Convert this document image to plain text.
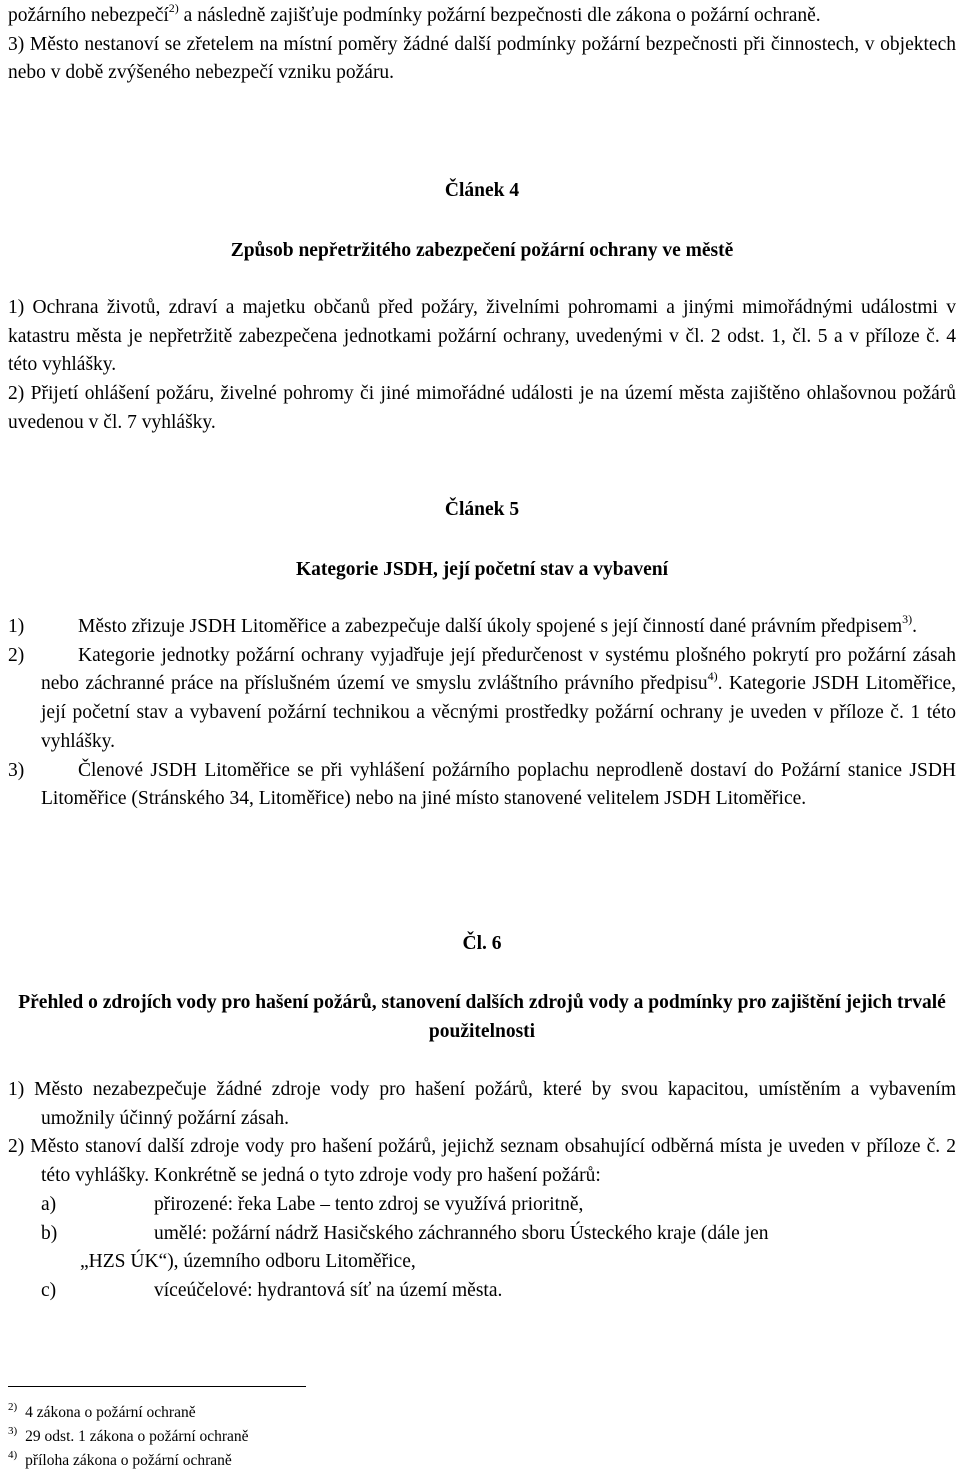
požárního nebezpečí$^{2)}$ a následně zajišťuje podmínky požární bezpečnosti dle zákona o požární ochraně.

3) Město nestanoví se zřetelem na místní poměry žádné další podmínky požární bezpečnosti při činnostech, v objektech nebo v době zvýšeného nebezpečí vzniku požáru.

Článek 4

Způsob nepřetržitého zabezpečení požární ochrany ve městě

1) Ochrana životů, zdraví a majetku občanů před požáry, živelními pohromami a jinými mimořádnými událostmi v katastru města je nepřetržitě zabezpečena jednotkami požární ochrany, uvedenými v čl. 2 odst. 1, čl. 5 a v příloze č. 4 této vyhlášky.

2) Přijetí ohlášení požáru, živelné pohromy či jiné mimořádné události je na území města zajištěno ohlašovnou požárů uvedenou v čl. 7 vyhlášky.

Článek 5

Kategorie JSDH, její početní stav a vybavení

1)	Město zřizuje JSDH Litoměřice a zabezpečuje další úkoly spojené s její činností dané právním předpisem$^{3)}$.

2)	Kategorie jednotky požární ochrany vyjadřuje její předurčenost v systému plošného pokrytí pro požární zásah nebo záchranné práce na příslušném území ve smyslu zvláštního právního předpisu$^{4)}$. Kategorie JSDH Litoměřice, její početní stav a vybavení požární technikou a věcnými prostředky požární ochrany je uveden v příloze č. 1 této vyhlášky.

3)	Členové JSDH Litoměřice se při vyhlášení požárního poplachu neprodleně dostaví do Požární stanice JSDH Litoměřice (Stránského 34, Litoměřice) nebo na jiné místo stanovené velitelem JSDH Litoměřice.

Čl. 6

Přehled o zdrojích vody pro hašení požárů, stanovení dalších zdrojů vody a podmínky pro zajištění jejich trvalé použitelnosti

1) Město nezabezpečuje žádné zdroje vody pro hašení požárů, které by svou kapacitou, umístěním a vybavením umožnily účinný požární zásah.

2) Město stanoví další zdroje vody pro hašení požárů, jejichž seznam obsahující odběrná místa je uveden v příloze č. 2 této vyhlášky. Konkrétně se jedná o tyto zdroje vody pro hašení požárů:

a)	přirozené: řeka Labe – tento zdroj se využívá prioritně,
b)	umělé: požární nádrž Hasičského záchranného sboru Ústeckého kraje (dále jen
„HZS ÚK“), územního odboru Litoměřice,
c)	víceúčelové: hydrantová síť na území města.

$^{2)}$ 4 zákona o požární ochraně

$^{3)}$ 29 odst. 1 zákona o požární ochraně

$^{4)}$ příloha zákona o požární ochraně
